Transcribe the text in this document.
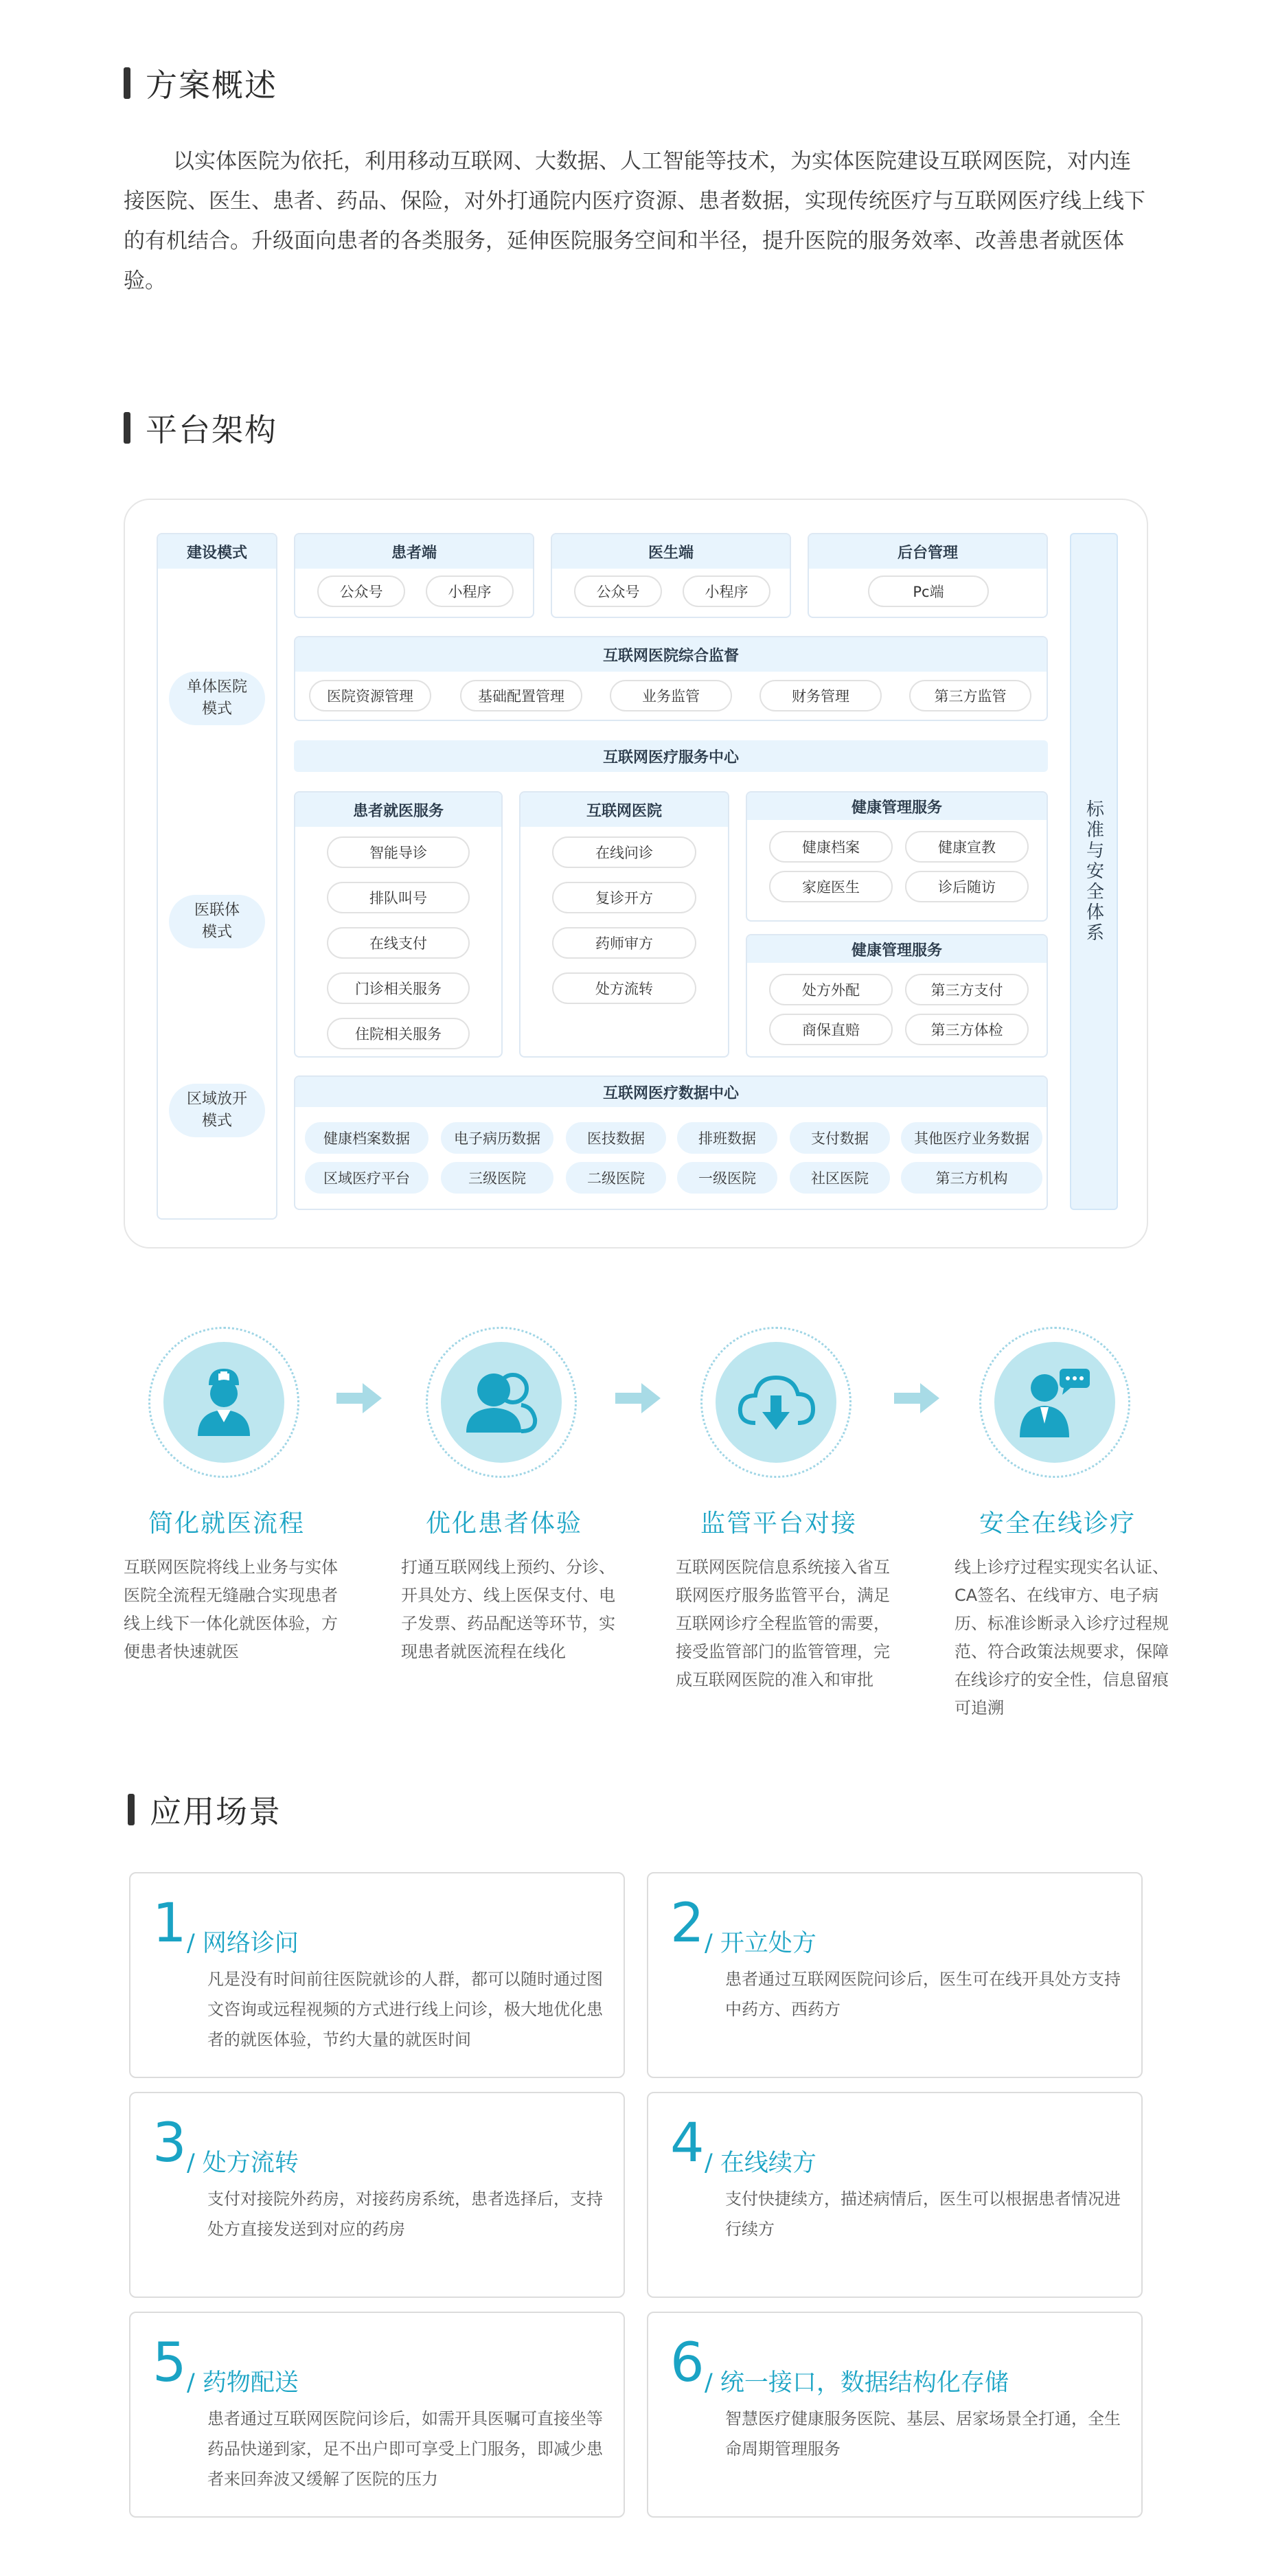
方案概述
以实体医院为依托，利用移动互联网、大数据、人工智能等技术，为实体医院建设互联网医院，对内连接医院、医生、患者、药品、保险，对外打通院内医疗资源、患者数据，实现传统医疗与互联网医疗线上线下的有机结合。升级面向患者的各类服务，延伸医院服务空间和半径，提升医院的服务效率、改善患者就医体验。
平台架构
建设模式
单体医院模式
医联体模式
区域放开模式
患者端
公众号	小程序
医生端
公众号	小程序
后台管理
Pc端
互联网医院综合监督
医院资源管理	基础配置管理	业务监管	财务管理	第三方监管
互联网医疗服务中心
患者就医服务
智能导诊
排队叫号
在线支付
门诊相关服务
住院相关服务
互联网医院
在线问诊
复诊开方
药师审方
处方流转
健康管理服务
健康档案	健康宣教
家庭医生	诊后随访
健康管理服务
处方外配	第三方支付
商保直赔	第三方体检
互联网医疗数据中心
健康档案数据	电子病历数据	医技数据	排班数据	支付数据	其他医疗业务数据
区域医疗平台	三级医院	二级医院	一级医院	社区医院	第三方机构
标准与安全体系
简化就医流程
互联网医院将线上业务与实体医院全流程无缝融合实现患者线上线下一体化就医体验，方便患者快速就医
优化患者体验
打通互联网线上预约、分诊、开具处方、线上医保支付、电子发票、药品配送等环节，实现患者就医流程在线化
监管平台对接
互联网医院信息系统接入省互联网医疗服务监管平台，满足互联网诊疗全程监管的需要，接受监管部门的监管管理，完成互联网医院的准入和审批
安全在线诊疗
线上诊疗过程实现实名认证、CA签名、在线审方、电子病历、标准诊断录入诊疗过程规范、符合政策法规要求，保障在线诊疗的安全性，信息留痕可追溯
应用场景
1 / 网络诊问
凡是没有时间前往医院就诊的人群，都可以随时通过图文咨询或远程视频的方式进行线上问诊，极大地优化患者的就医体验，节约大量的就医时间
2 / 开立处方
患者通过互联网医院问诊后，医生可在线开具处方支持中药方、西药方
3 / 处方流转
支付对接院外药房，对接药房系统，患者选择后，支持处方直接发送到对应的药房
4 / 在线续方
支付快捷续方，描述病情后，医生可以根据患者情况进行续方
5 / 药物配送
患者通过互联网医院问诊后，如需开具医嘱可直接坐等药品快递到家，足不出户即可享受上门服务，即减少患者来回奔波又缓解了医院的压力
6 / 统一接口，数据结构化存储
智慧医疗健康服务医院、基层、居家场景全打通，全生命周期管理服务
